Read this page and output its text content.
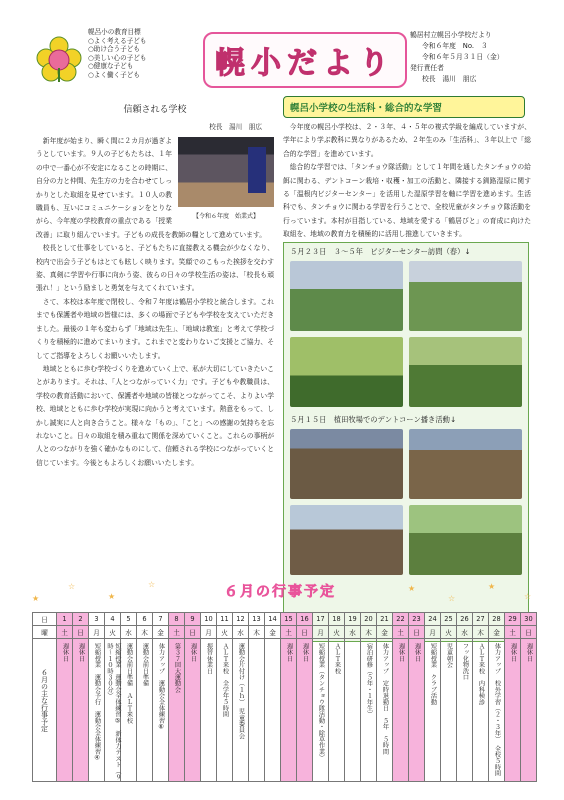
幌呂小の教育目標
○よく考える子ども
○助け合う子ども
○美しい心の子ども
○健康な子ども
○よく働く子ども	幌小だより
鶴居村立幌呂小学校だより
令和６年度　No.　３
令和６年５月３１日（金）
発行責任者
校長　湯川　朋広
信頼される学校
校長　湯川　朋広

【令和６年度　始業式】
新年度が始まり、瞬く間に２カ月が過ぎようとしています。９人の子どもたちは、１年の中で一番心が不安定になることの時期に、自分の力と仲間、先生方の力を合わせてしっかりとした取組を見せています。１０人の教職員も、互いにコミュニケーションをとりながら、今年度の学校教育の重点である「授業改善」に取り組んでいます。子どもの成長を教師の糧として進めています。

校長として仕事をしていると、子どもたちに直接教える機会が少なくなり、校内で出会う子どもはとても眩しく映ります。笑顔でのこもった挨拶を交わす姿、真剣に学習や行事に向かう姿、彼らの日々の学校生活の姿は、「校長も頑張れ！」という励ましと勇気を与えてくれています。

さて、本校は本年度で閉校し、令和７年度は鶴居小学校と統合します。これまでも保護者や地域の皆様には、多くの場面で子どもや学校を支えていただきました。最後の１年も変わらず「地域は先生」、「地域は教室」と考えて学校づくりを積極的に進めてまいります。これまでと変わりないご支援とご協力、そしてご指導をよろしくお願いいたします。

地域とともに歩む学校づくりを進めていく上で、私が大切にしていきたいことがあります。それは、「人とつながっていく力」です。子どもや教職員は、学校の教育活動において、保護者や地域の皆様とつながってこそ、よりよい学校、地域とともに歩む学校が実現に向かうと考えています。熱意をもって、しかし誠実に人と向き合うこと。様々な「もの」、「こと」への感謝の気持ちを忘れないこと。日々の取組を積み重ねて関係を深めていくこと。これらの事柄が人とのつながりを強く確かなものにして、信頼される学校につながっていくと信じています。今後ともよろしくお願いいたします。

幌呂小学校の生活科・総合的な学習

今年度の幌呂小学校は、２・３年、４・５年の複式学級を編成していますが、学年により学ぶ教科に異なりがあるため、２年生のみ「生活科」、３年以上で「総合的な学習」を進めています。

総合的な学習では、「タンチョウ隊活動」として１年間を通したタンチョウの給餌に関わる、デントコーン栽培・収穫・加工の活動と、隣接する釧路湿原に関する「温根内ビジターセンター」を活用した湿原学習を軸に学習を進めます。生活科でも、タンチョウに関わる学習を行うことで、全校児童がタンチョウ隊活動を行っています。本村が目指している、地域を愛する「鶴居びと」の育成に向けた取組を、地域の教育力を積極的に活用し推進していきます。

５月２３日　３〜５年　ビジターセンター訪問（春）↓
５月１５日　植田牧場でのデントコーン播き活動↓
★
☆
★
☆	★
☆
★
☆
６月の行事予定
日	1	2	3	4	5	6	7	8	9	10	11	12	13	14	15	16	17	18	19	20	21	22	23	24	25	26	27	28	29	30
曜	土	日	月	火	水	木	金	土	日	月	火	水	木	金	土	日	月	火	水	木	金	土	日	月	火	水	木	金	土	日

６月の主な行事予定	週休日	週休日	短縮授業　運動会予行　運動会全体練習④	短縮授業　運動会全体練習⑤　新体力テスト（９時〜１０時３０分）	運動会前日準備　ＡＬＴ来校	運動会前日準備	体力アップ　運動会全体練習⑥	第３７回大運動会	週休日	振替休業日	ＡＬＴ来校　全学年５時間	運動会片付け（１ｈ）　児童委員会			週休日	週休日	短縮授業（タンチョウ隊活動・除草作業）	ＡＬＴ来校		宿泊研修（５年・１年生）	体力アップ　定時退勤日　５年　５時間	週休日	週休日	短縮授業　クラブ活動	児童朝会	フッ化物洗口	ＡＬＴ来校　内科検診	体力アップ　校外学習（２・３年）　全校５時間	週休日	週休日
